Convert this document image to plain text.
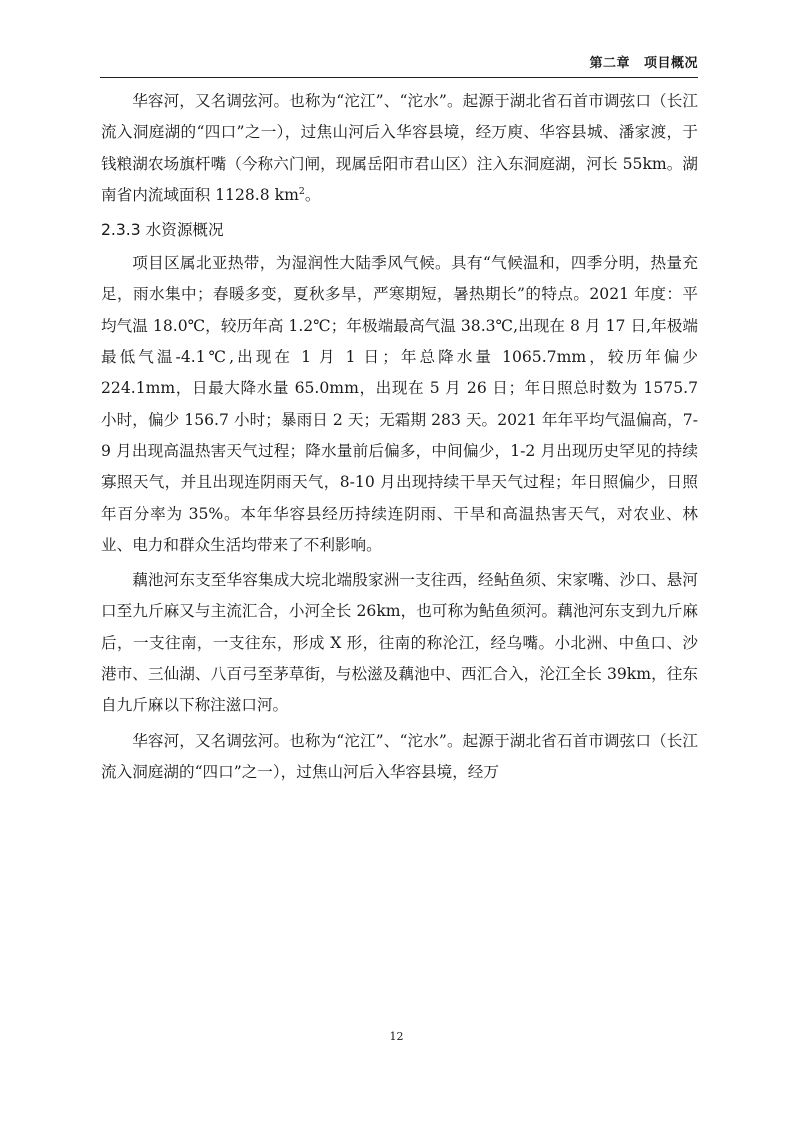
第二章 项目概况

华容河，又名调弦河。也称为“沱江”、“沱水”。起源于湖北省石首市调弦口（长江流入洞庭湖的“四口”之一），过焦山河后入华容县境，经万庾、华容县城、潘家渡，于钱粮湖农场旗杆嘴（今称六门闸，现属岳阳市君山区）注入东洞庭湖，河长 55km。湖南省内流域面积 1128.8 $km^2$。

2.3.3 水资源概况

项目区属北亚热带，为湿润性大陆季风气候。具有“气候温和，四季分明，热量充足，雨水集中；春暖多变，夏秋多旱，严寒期短，暑热期长”的特点。2021 年度：平均气温 18.0℃，较历年高 1.2℃；年极端最高气温 38.3℃,出现在 8 月 17 日,年极端最低气温-4.1℃,出现在 1 月 1 日；年总降水量 1065.7mm，较历年偏少 224.1mm，日最大降水量 65.0mm，出现在 5 月 26 日；年日照总时数为 1575.7 小时，偏少 156.7 小时；暴雨日 2 天；无霜期 283 天。2021 年年平均气温偏高，7-9 月出现高温热害天气过程；降水量前后偏多，中间偏少，1-2 月出现历史罕见的持续寡照天气，并且出现连阴雨天气，8-10 月出现持续干旱天气过程；年日照偏少，日照年百分率为 35%。本年华容县经历持续连阴雨、干旱和高温热害天气，对农业、林业、电力和群众生活均带来了不利影响。

藕池河东支至华容集成大垸北端殷家洲一支往西，经鲇鱼须、宋家嘴、沙口、悬河口至九斤麻又与主流汇合，小河全长 26km，也可称为鲇鱼须河。藕池河东支到九斤麻后，一支往南，一支往东，形成 X 形，往南的称沦江，经乌嘴。小北洲、中鱼口、沙港市、三仙湖、八百弓至茅草街，与松滋及藕池中、西汇合入，沦江全长 39km，往东自九斤麻以下称注滋口河。

华容河，又名调弦河。也称为“沱江”、“沱水”。起源于湖北省石首市调弦口（长江流入洞庭湖的“四口”之一），过焦山河后入华容县境，经万

12
